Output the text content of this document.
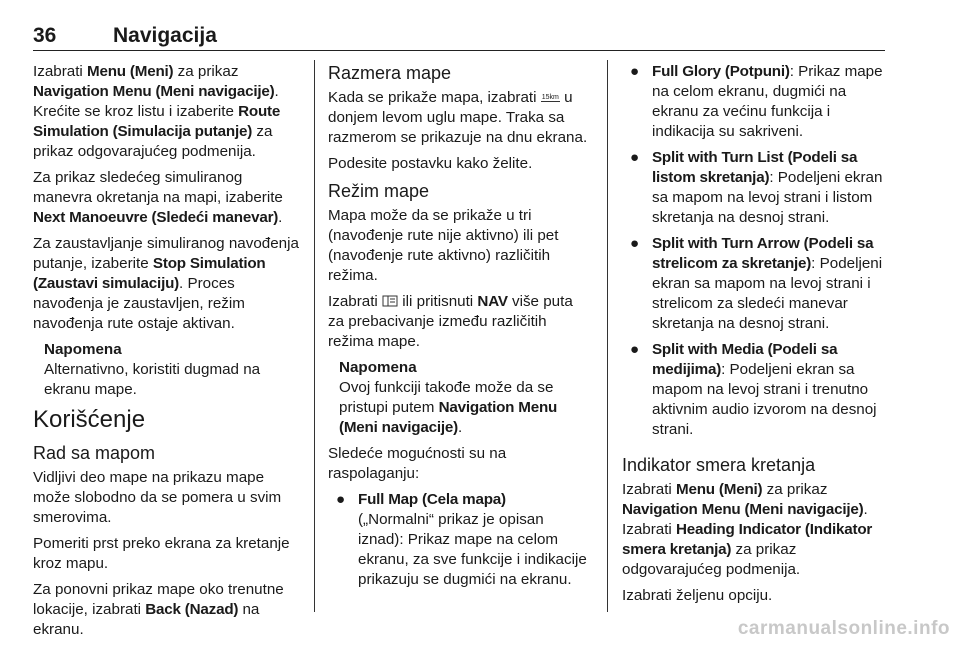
36	Navigacija

Izabrati Menu (Meni) za prikaz Navigation Menu (Meni navigacije). Krećite se kroz listu i izaberite Route Simulation (Simulacija putanje) za prikaz odgovarajućeg podmenija.

Za prikaz sledećeg simuliranog manevra okretanja na mapi, izaberite Next Manoeuvre (Sledeći manevar).

Za zaustavljanje simuliranog navođenja putanje, izaberite Stop Simulation (Zaustavi simulaciju). Proces navođenja je zaustavljen, režim navođenja rute ostaje aktivan.

Napomena
Alternativno, koristiti dugmad na ekranu mape.
Korišćenje
Rad sa mapom

Vidljivi deo mape na prikazu mape može slobodno da se pomera u svim smerovima.

Pomeriti prst preko ekrana za kretanje kroz mapu.

Za ponovni prikaz mape oko trenutne lokacije, izabrati Back (Nazad) na ekranu.

Razmera mape

Kada se prikaže mapa, izabrati 15km u donjem levom uglu mape. Traka sa razmerom se prikazuje na dnu ekrana.

Podesite postavku kako želite.

Režim mape

Mapa može da se prikaže u tri (navođenje rute nije aktivno) ili pet (navođenje rute aktivno) različitih režima.

Izabrati ili pritisnuti NAV više puta za prebacivanje između različitih režima mape.

Napomena
Ovoj funkciji takođe može da se pristupi putem Navigation Menu (Meni navigacije).

Sledeće mogućnosti su na raspolaganju:

● Full Map (Cela mapa)
(„Normalni“ prikaz je opisan iznad): Prikaz mape na celom ekranu, za sve funkcije i indikacije prikazuju se dugmići na ekranu.
● Full Glory (Potpuni): Prikaz mape na celom ekranu, dugmići na ekranu za većinu funkcija i indikacija su sakriveni.
● Split with Turn List (Podeli sa listom skretanja): Podeljeni ekran sa mapom na levoj strani i listom skretanja na desnoj strani.
● Split with Turn Arrow (Podeli sa strelicom za skretanje): Podeljeni ekran sa mapom na levoj strani i strelicom za sledeći manevar skretanja na desnoj strani.
● Split with Media (Podeli sa medijima): Podeljeni ekran sa mapom na levoj strani i trenutno aktivnim audio izvorom na desnoj strani.
Indikator smera kretanja

Izabrati Menu (Meni) za prikaz Navigation Menu (Meni navigacije). Izabrati Heading Indicator (Indikator smera kretanja) za prikaz odgovarajućeg podmenija.

Izabrati željenu opciju.

carmanualsonline.info
